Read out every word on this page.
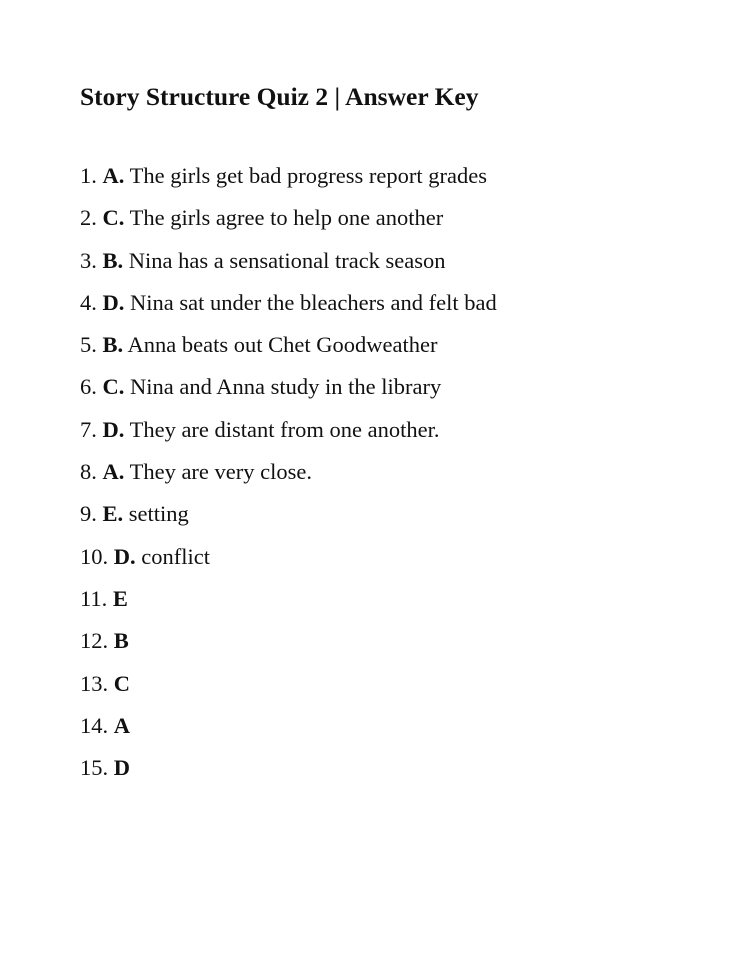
Story Structure Quiz 2 | Answer Key
1. A. The girls get bad progress report grades
2. C. The girls agree to help one another
3. B. Nina has a sensational track season
4. D. Nina sat under the bleachers and felt bad
5. B. Anna beats out Chet Goodweather
6. C. Nina and Anna study in the library
7. D. They are distant from one another.
8. A. They are very close.
9. E. setting
10. D. conflict
11. E
12. B
13. C
14. A
15. D
